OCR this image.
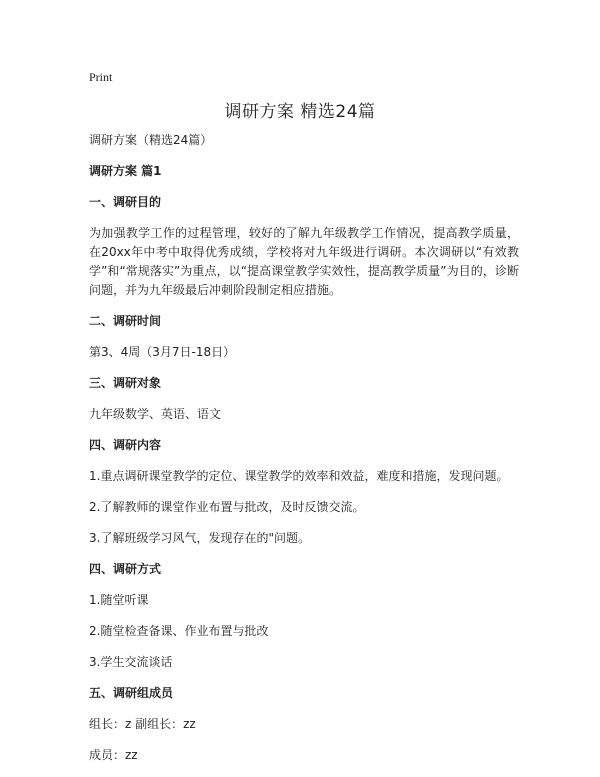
Print
调研方案 精选24篇
调研方案（精选24篇）
调研方案 篇1
一、调研目的
为加强教学工作的过程管理，较好的了解九年级教学工作情况，提高教学质量，在20xx年中考中取得优秀成绩，学校将对九年级进行调研。本次调研以“有效教学”和“常规落实”为重点，以“提高课堂教学实效性，提高教学质量”为目的，诊断问题，并为九年级最后冲刺阶段制定相应措施。
二、调研时间
第3、4周（3月7日-18日）
三、调研对象
九年级数学、英语、语文
四、调研内容
1.重点调研课堂教学的定位、课堂教学的效率和效益，难度和措施，发现问题。
2.了解教师的课堂作业布置与批改，及时反馈交流。
3.了解班级学习风气，发现存在的"问题。
四、调研方式
1.随堂听课
2.随堂检查备课、作业布置与批改
3.学生交流谈话
五、调研组成员
组长：z 副组长：zz
成员：zz
